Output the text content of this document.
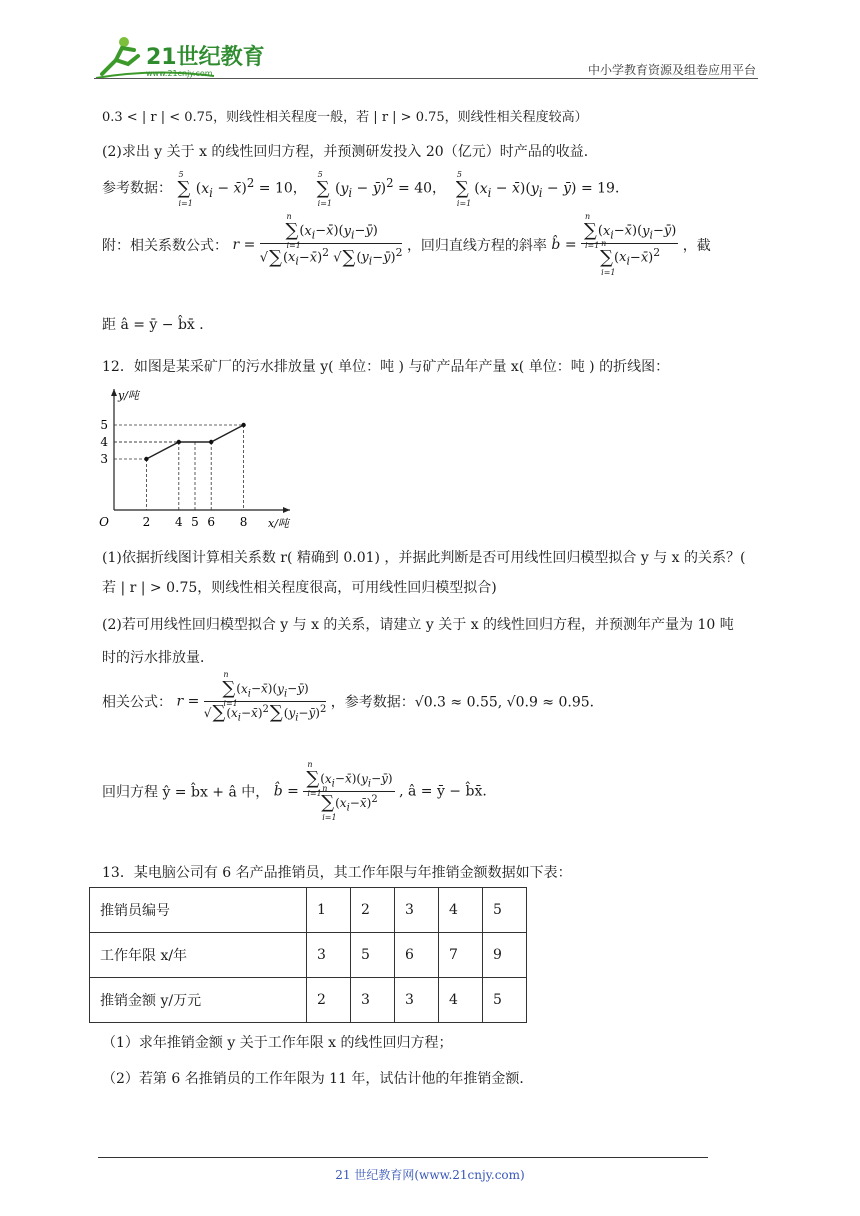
21世纪教育
www.21cnjy.com	中小学教育资源及组卷应用平台
0.3 < | r | < 0.75，则线性相关程度一般，若 | r | > 0.75，则线性相关程度较高）
(2)求出 y 关于 x 的线性回归方程，并预测研发投入 20（亿元）时产品的收益．
参考数据： ∑
5
i=1
($x_i$ − x̄)$^2$ = 10， ∑
5
i=1
($y_i$ − ȳ)$^2$ = 40， ∑
5
i=1
($x_i$ − $x̄)(y_i$ − ȳ) = 19．
附：相关系数公式： r = ∑
n
i=1
$(x_i-x̄)(y_i-ȳ)$
$√\sum(x_i-x̄)^2$ $√\sum(y_i-ȳ)^2$ ，回归直线方程的斜率 b̂ = ∑
n
i=1
$(x_i-x̄)(y_i-ȳ)$
∑
n
i=1
$(x_i-x̄)^2$ ，截
距 â = ȳ − b̂x̄ ．
12．如图是某采矿厂的污水排放量 y( 单位：吨 ) 与矿产品年产量 x( 单位：吨 ) 的折线图：
2 4 5 6 8
3
4
5
O	x/吨
y/吨
(1)依据折线图计算相关系数 r( 精确到 0.01) ，并据此判断是否可用线性回归模型拟合 y 与 x 的关系？(
若 | r | > 0.75，则线性相关程度很高，可用线性回归模型拟合)
(2)若可用线性回归模型拟合 y 与 x 的关系，请建立 y 关于 x 的线性回归方程，并预测年产量为 10 吨
时的污水排放量．
相关公式： r = ∑
n
i=1
$(x_i-x̄)(y_i-ȳ)$
$√\sum(x_i-x̄)^2\sum(y_i-ȳ)^2$ ，参考数据：√0.3 ≈ 0.55, √0.9 ≈ 0.95．
回归方程 ŷ = b̂x + â 中， b̂ = ∑
n
i=1
$(x_i-x̄)(y_i-ȳ)$
∑
n
i=1
$(x_i-x̄)^2$ , â = ȳ − b̂x̄.
13．某电脑公司有 6 名产品推销员，其工作年限与年推销金额数据如下表：
推销员编号	1	2	3	4	5
工作年限 x/年	3	5	6	7	9
推销金额 y/万元	2	3	3	4	5
（1）求年推销金额 y 关于工作年限 x 的线性回归方程；
（2）若第 6 名推销员的工作年限为 11 年，试估计他的年推销金额．
21 世纪教育网(www.21cnjy.com)
